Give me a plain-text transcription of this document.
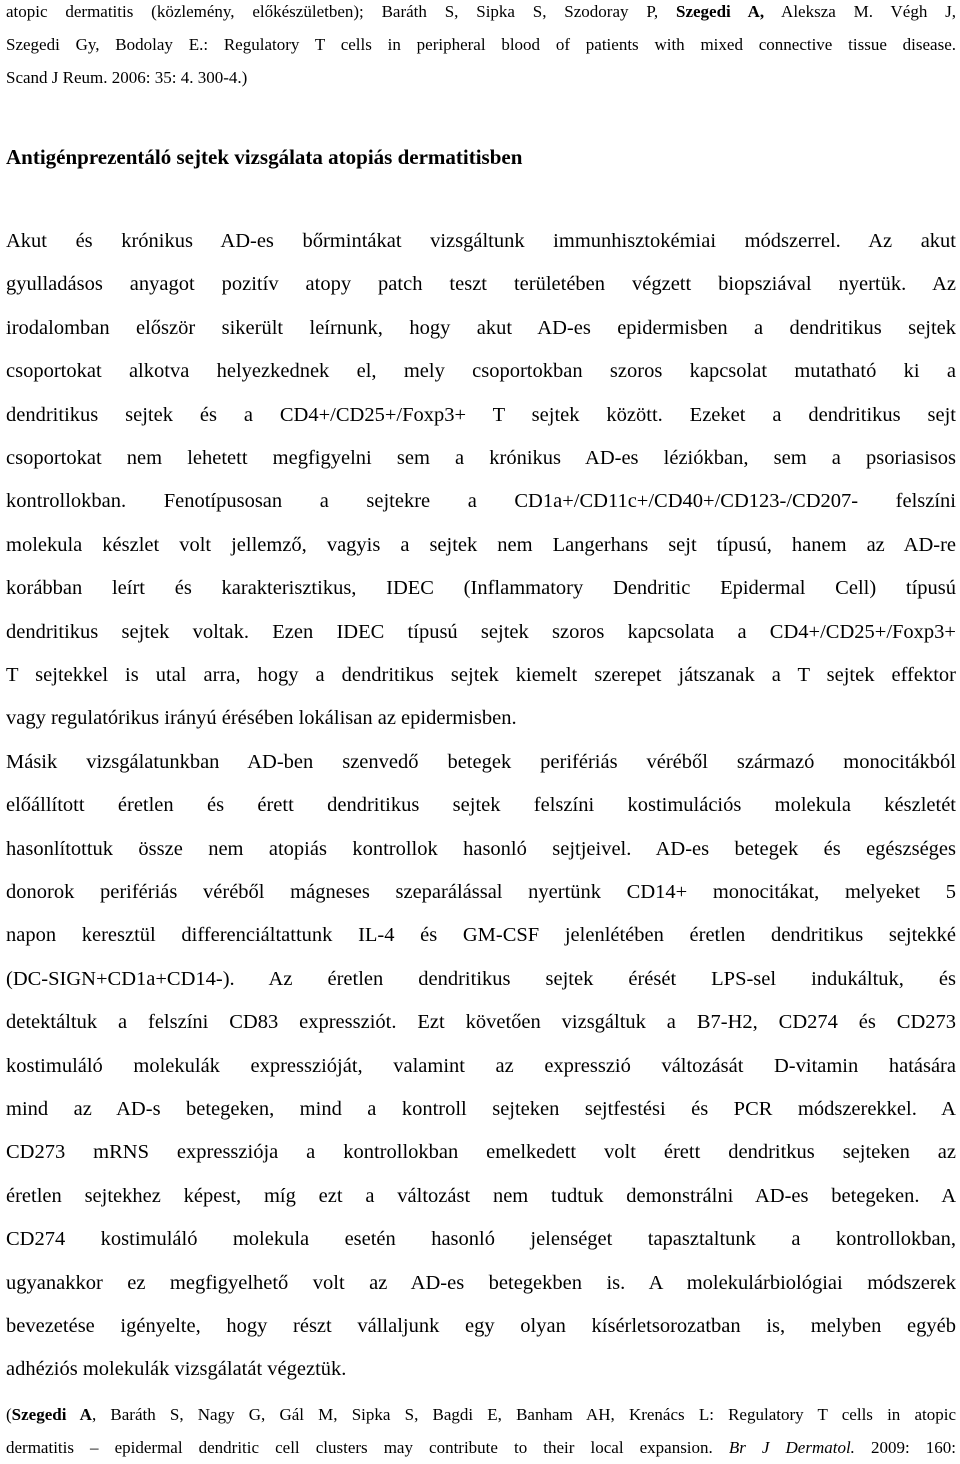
atopic dermatitis (közlemény, előkészületben); Baráth S, Sipka S, Szodoray P, Szegedi A, Aleksza M. Végh J,
Szegedi Gy, Bodolay E.: Regulatory T cells in peripheral blood of patients with mixed connective tissue disease.
Scand J Reum. 2006: 35: 4. 300-4.)
Antigénprezentáló sejtek vizsgálata atopiás dermatitisben
Akut és krónikus AD-es bőrmintákat vizsgáltunk immunhisztokémiai módszerrel. Az akut
gyulladásos anyagot pozitív atopy patch teszt területében végzett biopsziával nyertük. Az
irodalomban először sikerült leírnunk, hogy akut AD-es epidermisben a dendritikus sejtek
csoportokat alkotva helyezkednek el, mely csoportokban szoros kapcsolat mutatható ki a
dendritikus sejtek és a CD4+/CD25+/Foxp3+ T sejtek között. Ezeket a dendritikus sejt
csoportokat nem lehetett megfigyelni sem a krónikus AD-es léziókban, sem a psoriasisos
kontrollokban. Fenotípusosan a sejtekre a CD1a+/CD11c+/CD40+/CD123-/CD207- felszíni
molekula készlet volt jellemző, vagyis a sejtek nem Langerhans sejt típusú, hanem az AD-re
korábban leírt és karakterisztikus, IDEC (Inflammatory Dendritic Epidermal Cell) típusú
dendritikus sejtek voltak. Ezen IDEC típusú sejtek szoros kapcsolata a CD4+/CD25+/Foxp3+
T sejtekkel is utal arra, hogy a dendritikus sejtek kiemelt szerepet játszanak a T sejtek effektor
vagy regulatórikus irányú érésében lokálisan az epidermisben.
Másik vizsgálatunkban AD-ben szenvedő betegek perifériás véréből származó monocitákból
előállított éretlen és érett dendritikus sejtek felszíni kostimulációs molekula készletét
hasonlítottuk össze nem atopiás kontrollok hasonló sejtjeivel. AD-es betegek és egészséges
donorok perifériás véréből mágneses szeparálással nyertünk CD14+ monocitákat, melyeket 5
napon keresztül differenciáltattunk IL-4 és GM-CSF jelenlétében éretlen dendritikus sejtekké
(DC-SIGN+CD1a+CD14-). Az éretlen dendritikus sejtek érését LPS-sel indukáltuk, és
detektáltuk a felszíni CD83 expressziót. Ezt követően vizsgáltuk a B7-H2, CD274 és CD273
kostimuláló molekulák expresszióját, valamint az expresszió változását D-vitamin hatására
mind az AD-s betegeken, mind a kontroll sejteken sejtfestési és PCR módszerekkel. A
CD273 mRNS expressziója a kontrollokban emelkedett volt érett dendritkus sejteken az
éretlen sejtekhez képest, míg ezt a változást nem tudtuk demonstrálni AD-es betegeken. A
CD274 kostimuláló molekula esetén hasonló jelenséget tapasztaltunk a kontrollokban,
ugyanakkor ez megfigyelhető volt az AD-es betegekben is. A molekulárbiológiai módszerek
bevezetése igényelte, hogy részt vállaljunk egy olyan kísérletsorozatban is, melyben egyéb
adhéziós molekulák vizsgálatát végeztük.
(Szegedi A, Baráth S, Nagy G, Gál M, Sipka S, Bagdi E, Banham AH, Krenács L: Regulatory T cells in atopic
dermatitis – epidermal dendritic cell clusters may contribute to their local expansion. Br J Dermatol. 2009: 160:
